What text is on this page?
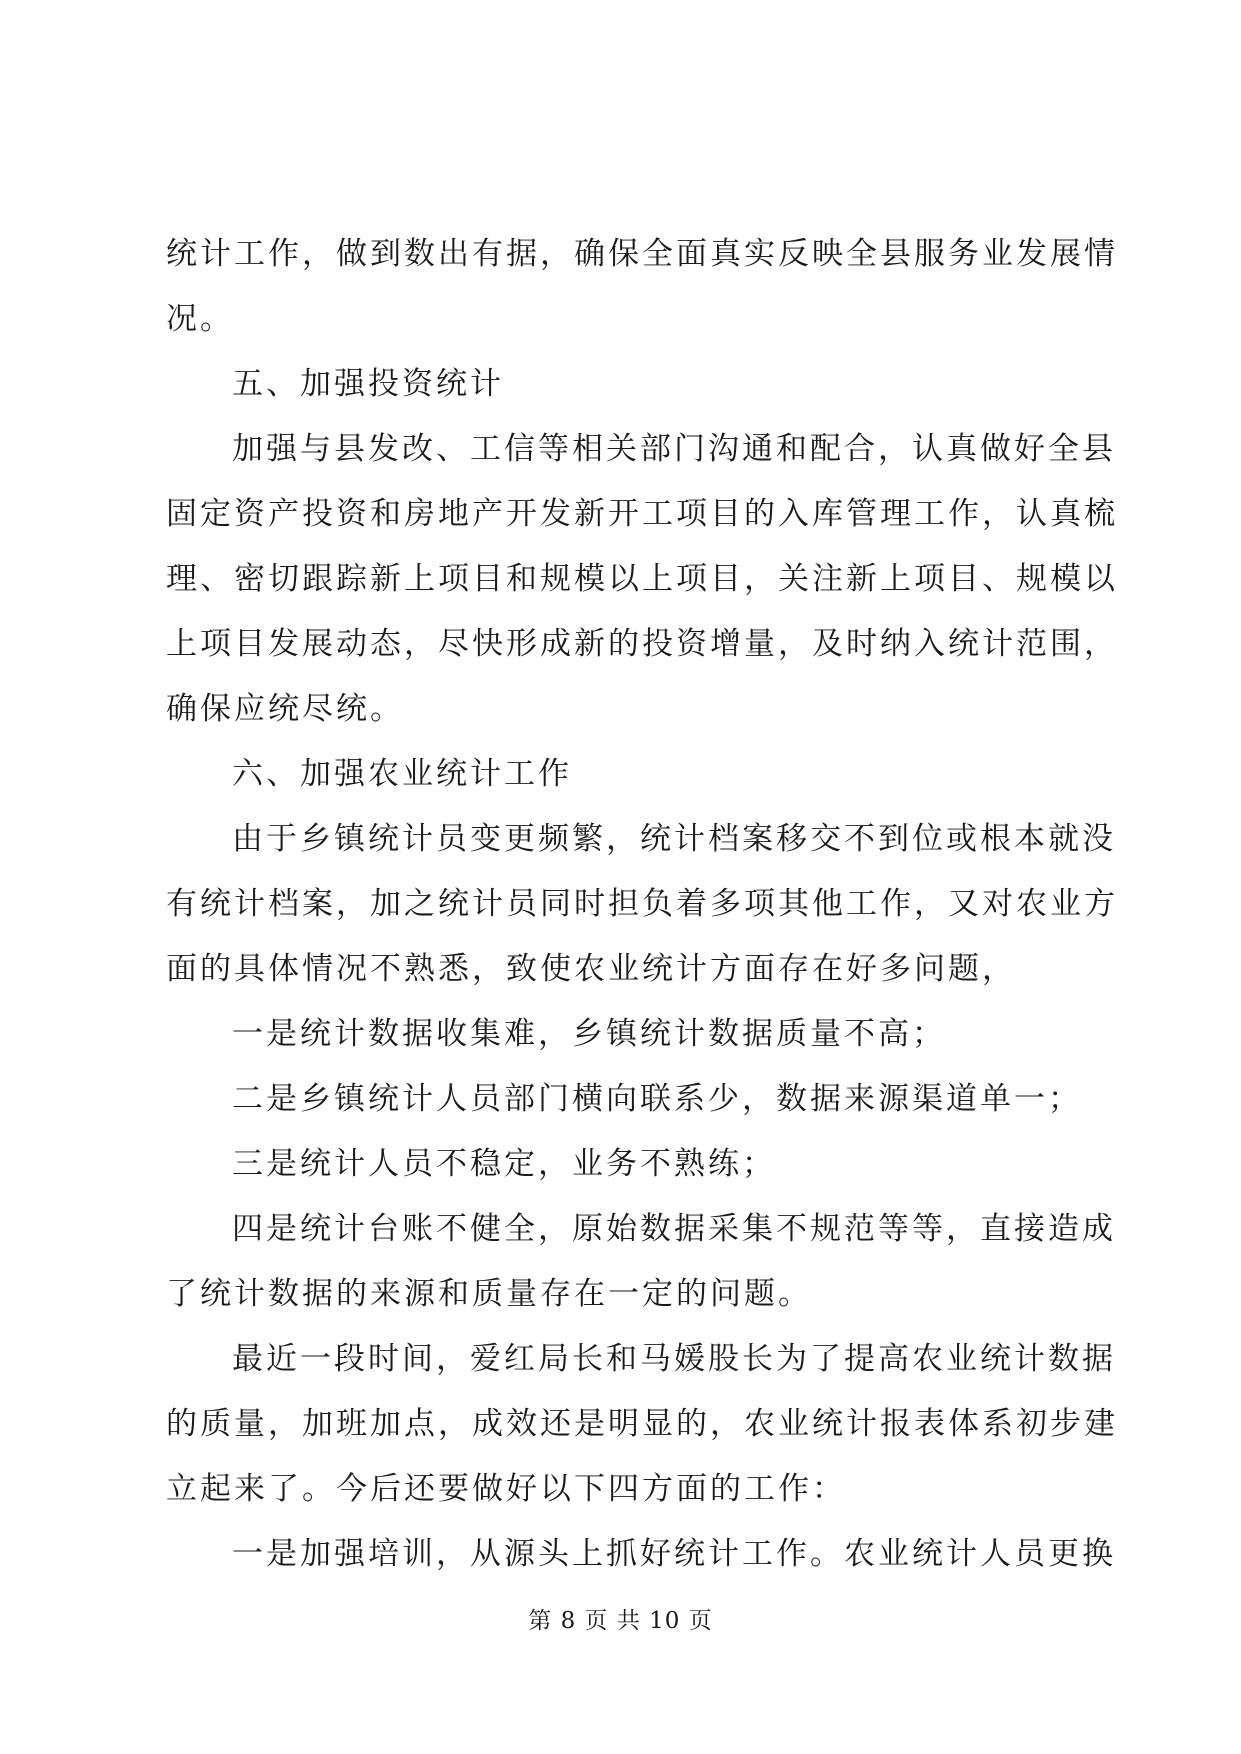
统计工作，做到数出有据，确保全面真实反映全县服务业发展情
况。
五、加强投资统计
加强与县发改、工信等相关部门沟通和配合，认真做好全县
固定资产投资和房地产开发新开工项目的入库管理工作，认真梳
理、密切跟踪新上项目和规模以上项目，关注新上项目、规模以
上项目发展动态，尽快形成新的投资增量，及时纳入统计范围，
确保应统尽统。
六、加强农业统计工作
由于乡镇统计员变更频繁，统计档案移交不到位或根本就没
有统计档案，加之统计员同时担负着多项其他工作，又对农业方
面的具体情况不熟悉，致使农业统计方面存在好多问题，
一是统计数据收集难，乡镇统计数据质量不高；
二是乡镇统计人员部门横向联系少，数据来源渠道单一；
三是统计人员不稳定，业务不熟练；
四是统计台账不健全，原始数据采集不规范等等，直接造成
了统计数据的来源和质量存在一定的问题。
最近一段时间，爱红局长和马媛股长为了提高农业统计数据
的质量，加班加点，成效还是明显的，农业统计报表体系初步建
立起来了。今后还要做好以下四方面的工作：
一是加强培训，从源头上抓好统计工作。农业统计人员更换
第 8 页 共 10 页
